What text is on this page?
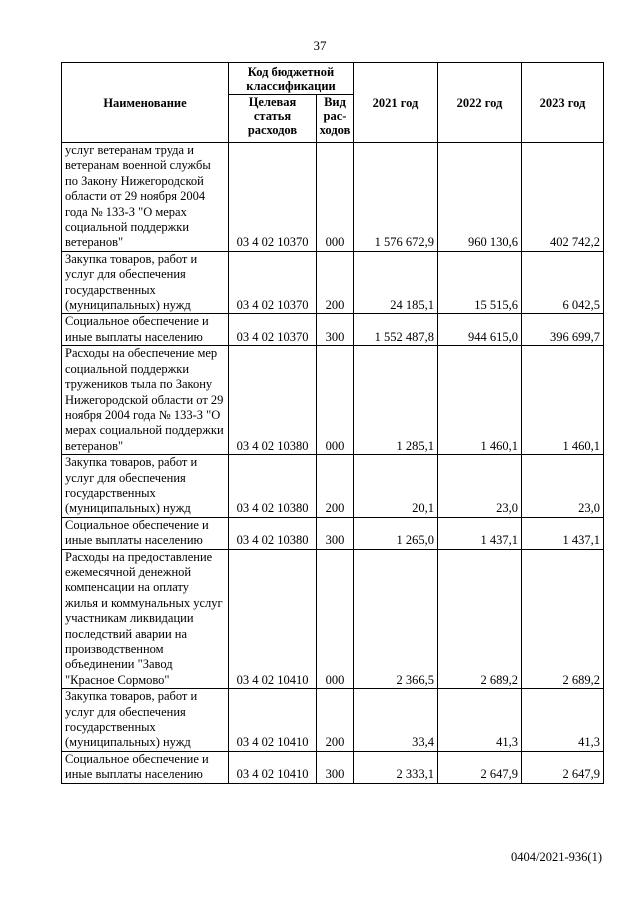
37
Наименование	Код бюджетной классификации		2021 год	2022 год	2023 год
	Целевая статья расходов	Вид рас-ходов			
услуг ветеранам труда и ветеранам военной службы по Закону Нижегородской области от 29 ноября 2004 года № 133-З "О мерах социальной поддержки ветеранов"	03 4 02 10370	000	1 576 672,9	960 130,6	402 742,2
Закупка товаров, работ и услуг для обеспечения государственных (муниципальных) нужд	03 4 02 10370	200	24 185,1	15 515,6	6 042,5
Социальное обеспечение и иные выплаты населению	03 4 02 10370	300	1 552 487,8	944 615,0	396 699,7
Расходы на обеспечение мер социальной поддержки тружеников тыла по Закону Нижегородской области от 29 ноября 2004 года № 133-З "О мерах социальной поддержки ветеранов"	03 4 02 10380	000	1 285,1	1 460,1	1 460,1
Закупка товаров, работ и услуг для обеспечения государственных (муниципальных) нужд	03 4 02 10380	200	20,1	23,0	23,0
Социальное обеспечение и иные выплаты населению	03 4 02 10380	300	1 265,0	1 437,1	1 437,1
Расходы на предоставление ежемесячной денежной компенсации на оплату жилья и коммунальных услуг участникам ликвидации последствий аварии на производственном объединении "Завод "Красное Сормово"	03 4 02 10410	000	2 366,5	2 689,2	2 689,2
Закупка товаров, работ и услуг для обеспечения государственных (муниципальных) нужд	03 4 02 10410	200	33,4	41,3	41,3
Социальное обеспечение и иные выплаты населению	03 4 02 10410	300	2 333,1	2 647,9	2 647,9
0404/2021-936(1)
